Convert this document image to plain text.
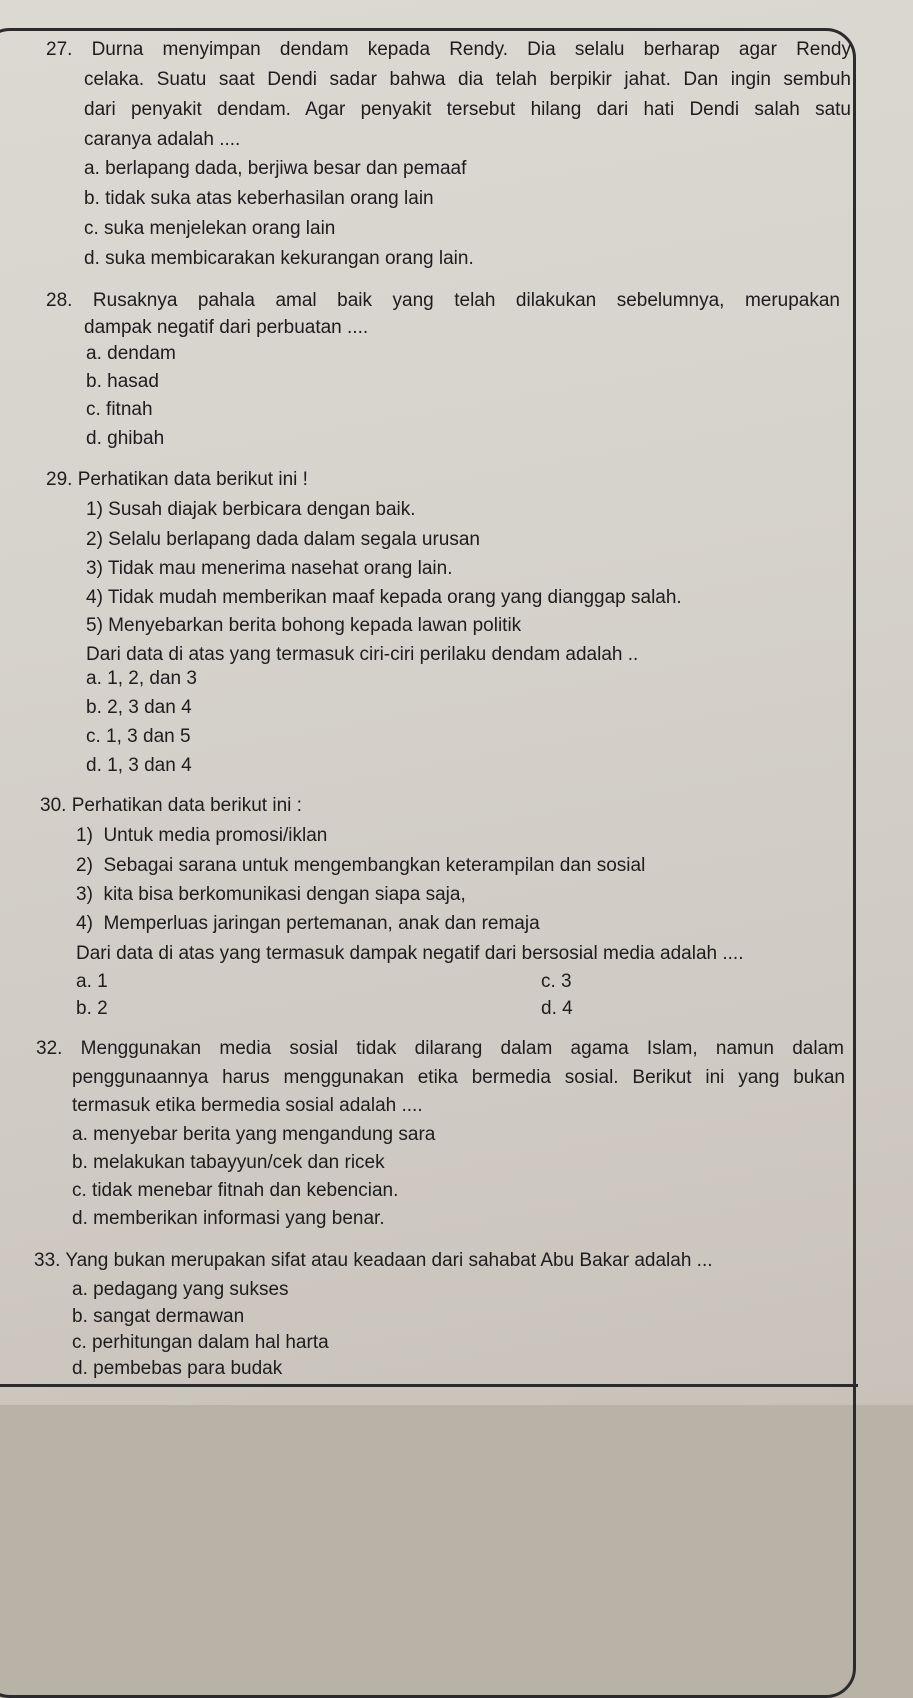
27. Durna menyimpan dendam kepada Rendy. Dia selalu berharap agar Rendy
celaka. Suatu saat Dendi sadar bahwa dia telah berpikir jahat. Dan ingin sembuh
dari penyakit dendam. Agar penyakit tersebut hilang dari hati Dendi salah satu
caranya adalah ....
a. berlapang dada, berjiwa besar dan pemaaf
b. tidak suka atas keberhasilan orang lain
c. suka menjelekan orang lain
d. suka membicarakan kekurangan orang lain.
28. Rusaknya pahala amal baik yang telah dilakukan sebelumnya, merupakan
dampak negatif dari perbuatan ....
a. dendam
b. hasad
c. fitnah
d. ghibah
29. Perhatikan data berikut ini !
1) Susah diajak berbicara dengan baik.
2) Selalu berlapang dada dalam segala urusan
3) Tidak mau menerima nasehat orang lain.
4) Tidak mudah memberikan maaf kepada orang yang dianggap salah.
5) Menyebarkan berita bohong kepada lawan politik
Dari data di atas yang termasuk ciri-ciri perilaku dendam adalah ..
a. 1, 2, dan 3
b. 2, 3 dan 4
c. 1, 3 dan 5
d. 1, 3 dan 4
30. Perhatikan data berikut ini :
1)  Untuk media promosi/iklan
2)  Sebagai sarana untuk mengembangkan keterampilan dan sosial
3)  kita bisa berkomunikasi dengan siapa saja,
4)  Memperluas jaringan pertemanan, anak dan remaja
Dari data di atas yang termasuk dampak negatif dari bersosial media adalah ....
a. 1	c. 3
b. 2	d. 4
32. Menggunakan media sosial tidak dilarang dalam agama Islam, namun dalam
penggunaannya harus menggunakan etika bermedia sosial. Berikut ini yang bukan
termasuk etika bermedia sosial adalah ....
a. menyebar berita yang mengandung sara
b. melakukan tabayyun/cek dan ricek
c. tidak menebar fitnah dan kebencian.
d. memberikan informasi yang benar.
33. Yang bukan merupakan sifat atau keadaan dari sahabat Abu Bakar adalah ...
a. pedagang yang sukses
b. sangat dermawan
c. perhitungan dalam hal harta
d. pembebas para budak
